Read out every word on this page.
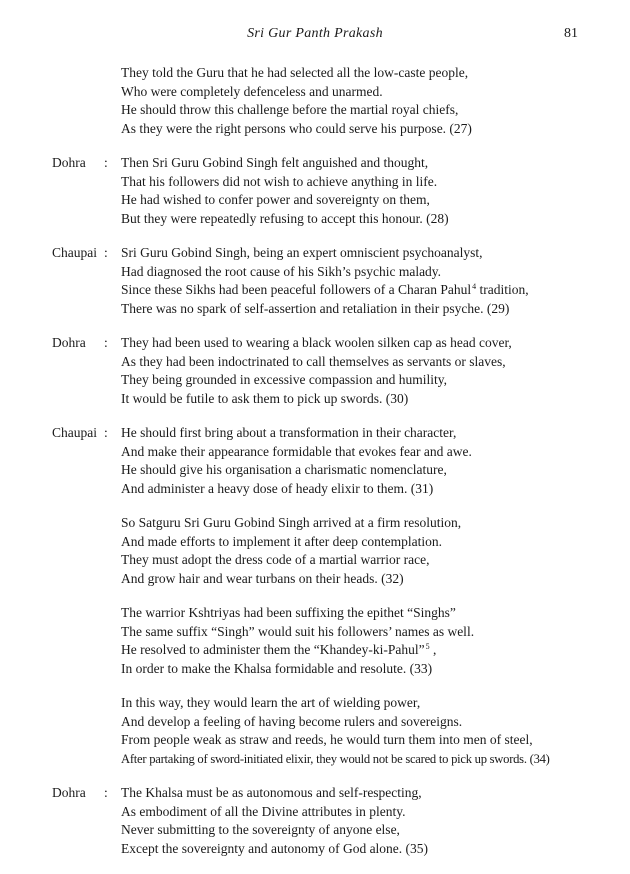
Sri Gur Panth Prakash	81
They told the Guru that he had selected all the low-caste people,
Who were completely defenceless and unarmed.
He should throw this challenge before the martial royal chiefs,
As they were the right persons who could serve his purpose. (27)
Dohra : Then Sri Guru Gobind Singh felt anguished and thought,
That his followers did not wish to achieve anything in life.
He had wished to confer power and sovereignty on them,
But they were repeatedly refusing to accept this honour. (28)
Chaupai : Sri Guru Gobind Singh, being an expert omniscient psychoanalyst,
Had diagnosed the root cause of his Sikh’s psychic malady.
Since these Sikhs had been peaceful followers of a Charan Pahul$^4$ tradition,
There was no spark of self-assertion and retaliation in their psyche. (29)
Dohra : They had been used to wearing a black woolen silken cap as head cover,
As they had been indoctrinated to call themselves as servants or slaves,
They being grounded in excessive compassion and humility,
It would be futile to ask them to pick up swords. (30)
Chaupai : He should first bring about a transformation in their character,
And make their appearance formidable that evokes fear and awe.
He should give his organisation a charismatic nomenclature,
And administer a heavy dose of heady elixir to them. (31)
So Satguru Sri Guru Gobind Singh arrived at a firm resolution,
And made efforts to implement it after deep contemplation.
They must adopt the dress code of a martial warrior race,
And grow hair and wear turbans on their heads. (32)
The warrior Kshtriyas had been suffixing the epithet “Singhs”
The same suffix “Singh” would suit his followers’ names as well.
He resolved to administer them the “Khandey-ki-Pahul”$^5$ ,
In order to make the Khalsa formidable and resolute. (33)
In this way, they would learn the art of wielding power,
And develop a feeling of having become rulers and sovereigns.
From people weak as straw and reeds, he would turn them into men of steel,
After partaking of sword-initiated elixir, they would not be scared to pick up swords. (34)
Dohra : The Khalsa must be as autonomous and self-respecting,
As embodiment of all the Divine attributes in plenty.
Never submitting to the sovereignty of anyone else,
Except the sovereignty and autonomy of God alone. (35)
